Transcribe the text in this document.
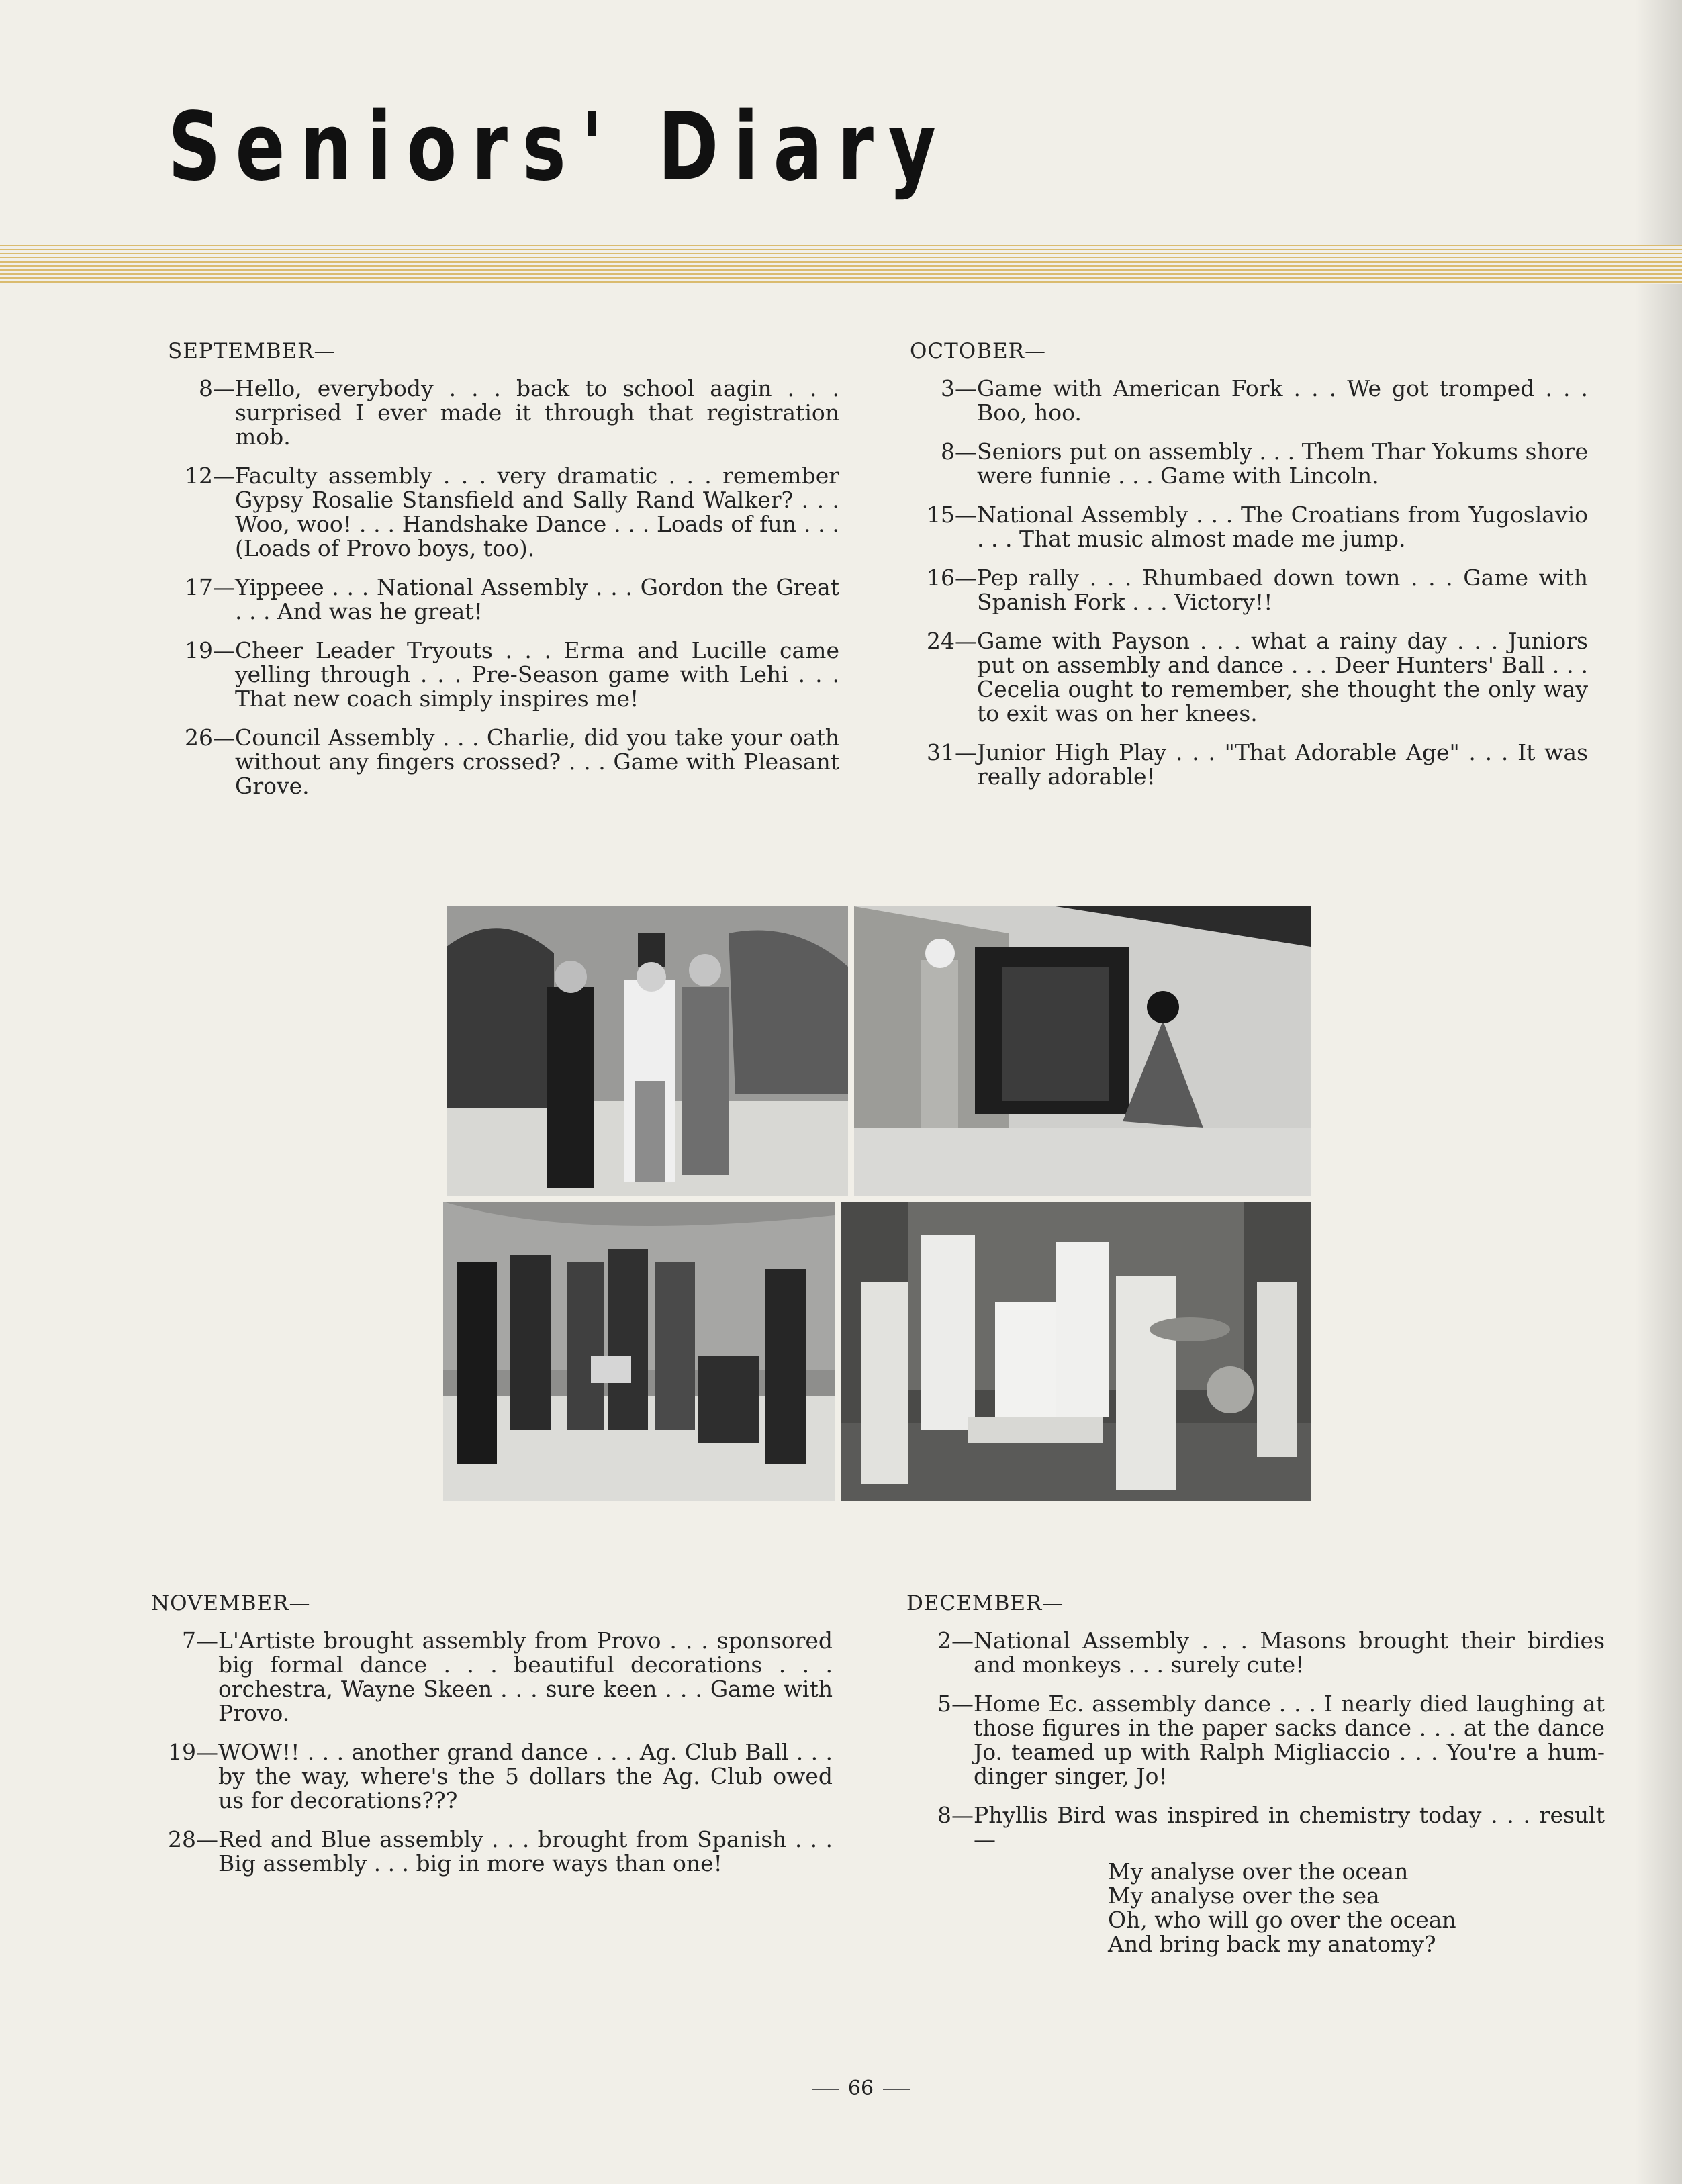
Seniors' Diary
SEPTEMBER—
8— Hello, everybody . . . back to school aagin . . . surprised I ever made it through that registration mob.
12— Faculty assembly . . . very dramatic . . . remember Gypsy Rosalie Stansfield and Sally Rand Walker? . . . Woo, woo! . . . Handshake Dance . . . Loads of fun . . . (Loads of Provo boys, too).
17— Yippeee . . . National Assembly . . . Gordon the Great . . . And was he great!
19— Cheer Leader Tryouts . . . Erma and Lucille came yelling through . . . Pre-Season game with Lehi . . . That new coach simply inspires me!
26— Council Assembly . . . Charlie, did you take your oath without any fingers crossed? . . . Game with Pleasant Grove.
OCTOBER—
3— Game with American Fork . . . We got tromped . . . Boo, hoo.
8— Seniors put on assembly . . . Them Thar Yokums shore were funnie . . . Game with Lincoln.
15— National Assembly . . . The Croatians from Yugoslavio . . . That music almost made me jump.
16— Pep rally . . . Rhumbaed down town . . . Game with Spanish Fork . . . Victory!!
24— Game with Payson . . . what a rainy day . . . Juniors put on assembly and dance . . . Deer Hunters' Ball . . . Cecelia ought to remember, she thought the only way to exit was on her knees.
31— Junior High Play . . . "That Adorable Age" . . . It was really adorable!
NOVEMBER—
7— L'Artiste brought assembly from Provo . . . sponsored big formal dance . . . beautiful decorations . . . orchestra, Wayne Skeen . . . sure keen . . . Game with Provo.
19— WOW!! . . . another grand dance . . . Ag. Club Ball . . . by the way, where's the 5 dollars the Ag. Club owed us for decorations???
28— Red and Blue assembly . . . brought from Spanish . . . Big assembly . . . big in more ways than one!
DECEMBER—
2— National Assembly . . . Masons brought their birdies and monkeys . . . surely cute!
5— Home Ec. assembly dance . . . I nearly died laughing at those figures in the paper sacks dance . . . at the dance Jo. teamed up with Ralph Migliaccio . . . You're a hum-dinger singer, Jo!
8— Phyllis Bird was inspired in chemistry today . . . result—
My analyse over the ocean
My analyse over the sea
Oh, who will go over the ocean
And bring back my anatomy?
66
